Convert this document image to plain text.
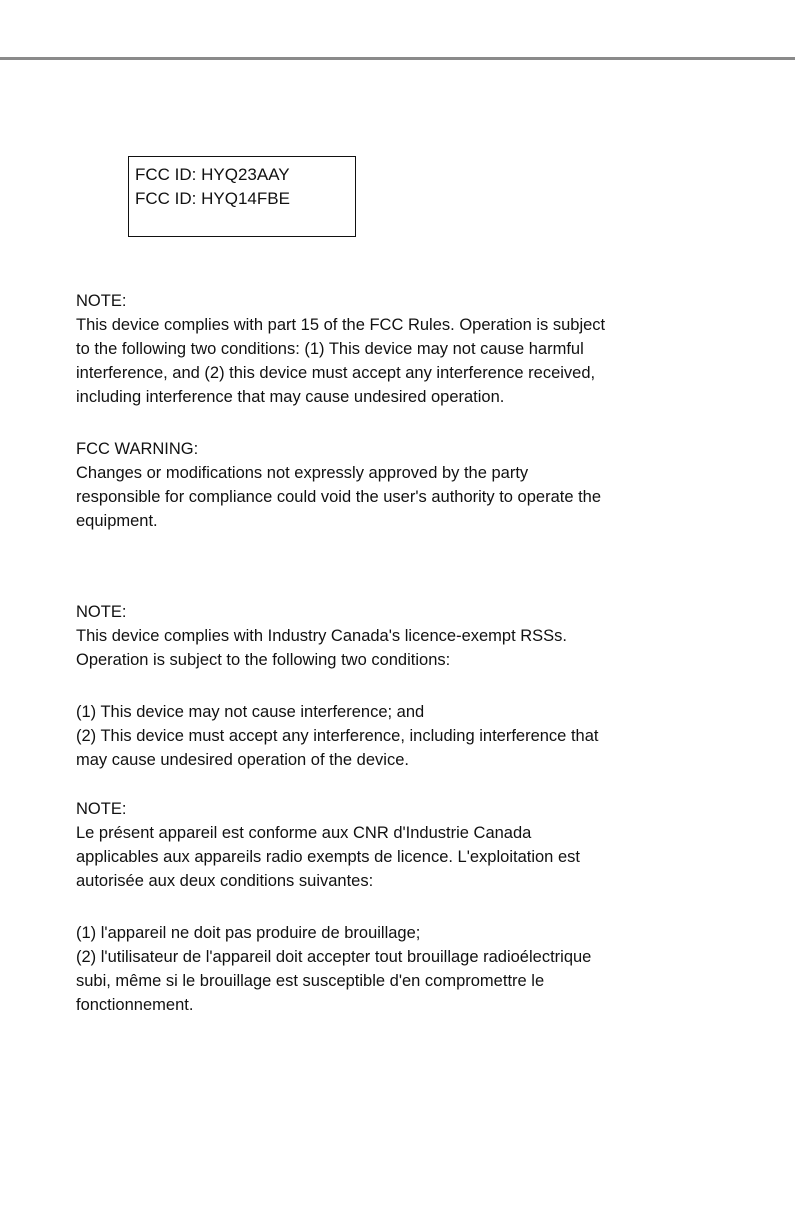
FCC ID: HYQ23AAY
FCC ID: HYQ14FBE
NOTE:
This device complies with part 15 of the FCC Rules. Operation is subject
to the following two conditions: (1) This device may not cause harmful
interference, and (2) this device must accept any interference received,
including interference that may cause undesired operation.
FCC WARNING:
Changes or modifications not expressly approved by the party
responsible for compliance could void the user's authority to operate the
equipment.
NOTE:
This device complies with Industry Canada's licence-exempt RSSs.
Operation is subject to the following two conditions:
(1) This device may not cause interference; and
(2) This device must accept any interference, including interference that
may cause undesired operation of the device.
NOTE:
Le présent appareil est conforme aux CNR d'Industrie Canada
applicables aux appareils radio exempts de licence. L'exploitation est
autorisée aux deux conditions suivantes:
(1) l'appareil ne doit pas produire de brouillage;
(2) l'utilisateur de l'appareil doit accepter tout brouillage radioélectrique
subi, même si le brouillage est susceptible d'en compromettre le
fonctionnement.
